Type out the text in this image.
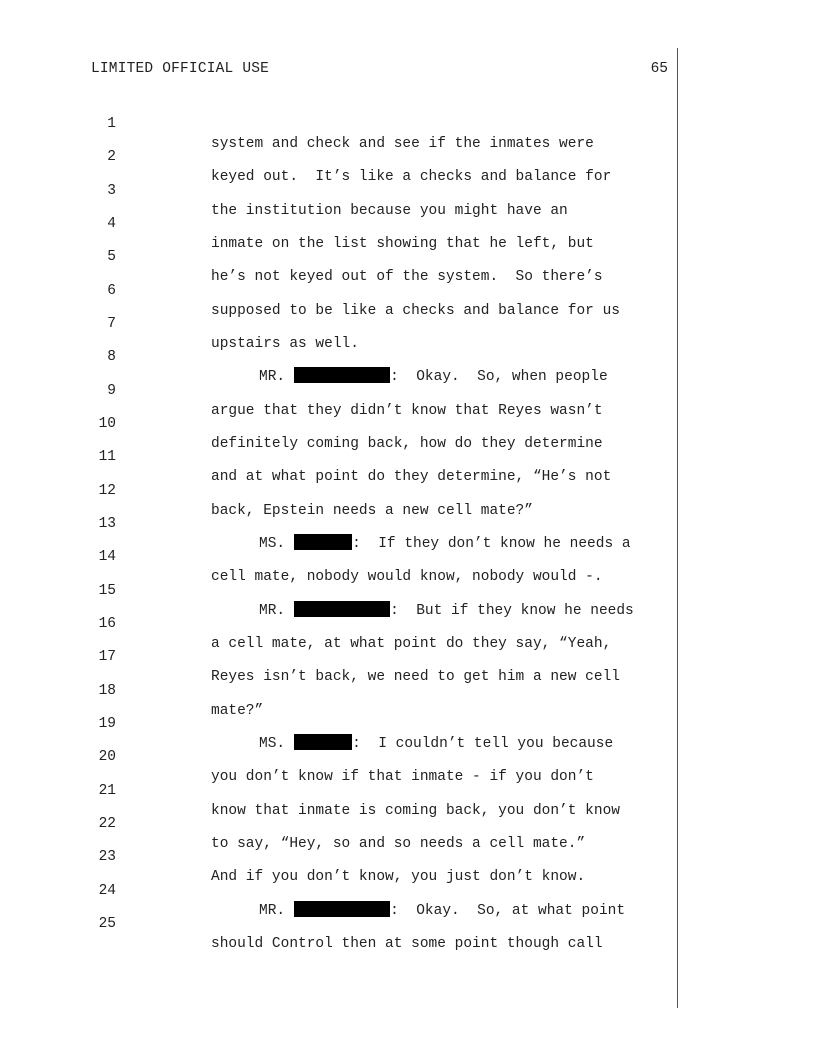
LIMITED OFFICIAL USE	65

1

system and check and see if the inmates were

2

keyed out.  It’s like a checks and balance for

3

the institution because you might have an

4

inmate on the list showing that he left, but

5

he’s not keyed out of the system.  So there’s

6

supposed to be like a checks and balance for us

7

upstairs as well.

8

MR.	:  Okay.  So, when people

9

argue that they didn’t know that Reyes wasn’t

10

definitely coming back, how do they determine

11

and at what point do they determine, “He’s not

12

back, Epstein needs a new cell mate?”

13

MS.	:  If they don’t know he needs a

14

cell mate, nobody would know, nobody would -.

15

MR.	:  But if they know he needs

16

a cell mate, at what point do they say, “Yeah,

17

Reyes isn’t back, we need to get him a new cell

18

mate?”

19

MS.	:  I couldn’t tell you because

20

you don’t know if that inmate - if you don’t

21

know that inmate is coming back, you don’t know

22

to say, “Hey, so and so needs a cell mate.”

23

And if you don’t know, you just don’t know.

24

MR.	:  Okay.  So, at what point

25

should Control then at some point though call
